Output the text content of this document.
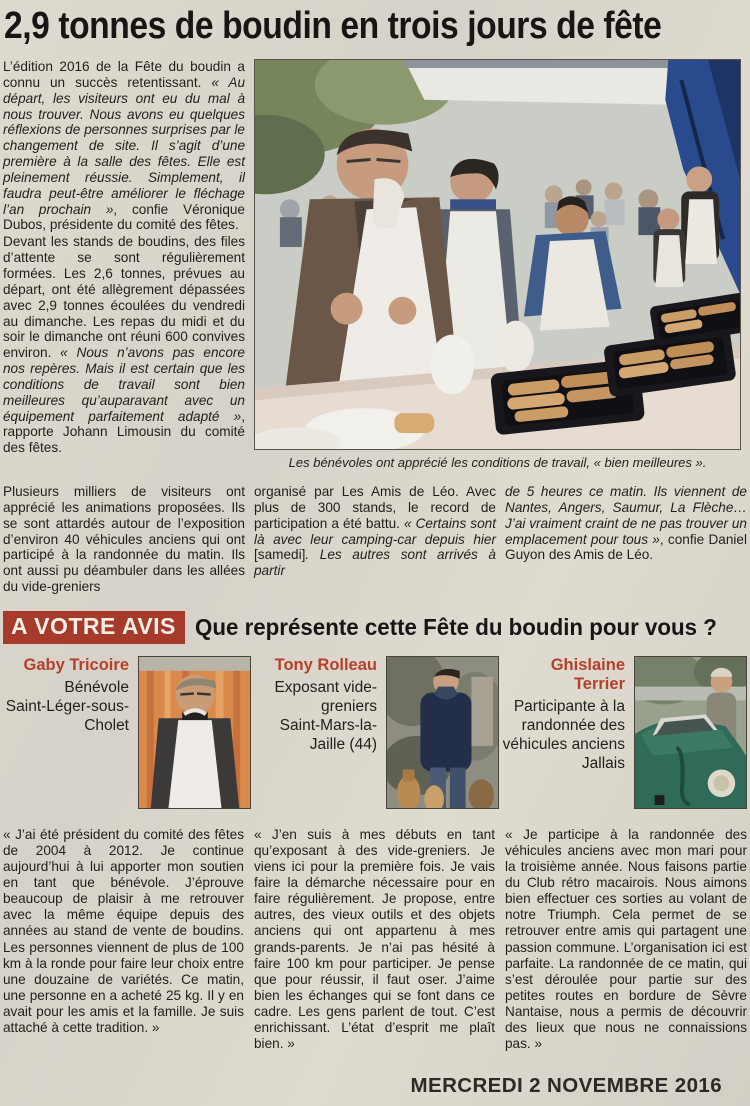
2,9 tonnes de boudin en trois jours de fête

L’édition 2016 de la Fête du boudin a connu un succès retentissant. « Au départ, les visiteurs ont eu du mal à nous trouver. Nous avons eu quelques réflexions de personnes surprises par le changement de site. Il s’agit d’une première à la salle des fêtes. Elle est pleinement réussie. Simplement, il faudra peut-être améliorer le fléchage l’an prochain », confie Véronique Dubos, présidente du comité des fêtes.

Devant les stands de boudins, des files d’attente se sont régulièrement formées. Les 2,6 tonnes, prévues au départ, ont été allègrement dépassées avec 2,9 tonnes écoulées du vendredi au dimanche. Les repas du midi et du soir le dimanche ont réuni 600 convives environ. « Nous n’avons pas encore nos repères. Mais il est certain que les conditions de travail sont bien meilleures qu’auparavant avec un équipement parfaitement adapté », rapporte Johann Limousin du comité des fêtes.

Les bénévoles ont apprécié les conditions de travail, « bien meilleures ».

Plusieurs milliers de visiteurs ont apprécié les animations proposées. Ils se sont attardés autour de l’exposition d’environ 40 véhicules anciens qui ont participé à la randonnée du matin. Ils ont aussi pu déambuler dans les allées du vide-greniers

organisé par Les Amis de Léo. Avec plus de 300 stands, le record de participation a été battu. « Certains sont là avec leur camping-car depuis hier [samedi]. Les autres sont arrivés à partir

de 5 heures ce matin. Ils viennent de Nantes, Angers, Saumur, La Flèche… J’ai vraiment craint de ne pas trouver un emplacement pour tous », confie Daniel Guyon des Amis de Léo.

A VOTRE AVIS Que représente cette Fête du boudin pour vous ?
Gaby Tricoire
Bénévole
Saint-Léger-sous-Cholet
Tony Rolleau
Exposant vide-greniers
Saint-Mars-la-Jaille (44)
Ghislaine Terrier
Participante à la randonnée des véhicules anciens
Jallais
« J’ai été président du comité des fêtes de 2004 à 2012. Je continue aujourd’hui à lui apporter mon soutien en tant que bénévole. J’éprouve beaucoup de plaisir à me retrouver avec la même équipe depuis des années au stand de vente de boudins. Les personnes viennent de plus de 100 km à la ronde pour faire leur choix entre une douzaine de variétés. Ce matin, une personne en a acheté 25 kg. Il y en avait pour les amis et la famille. Je suis attaché à cette tradition. »
« J’en suis à mes débuts en tant qu’exposant à des vide-greniers. Je viens ici pour la première fois. Je vais faire la démarche nécessaire pour en faire régulièrement. Je propose, entre autres, des vieux outils et des objets anciens qui ont appartenu à mes grands-parents. Je n’ai pas hésité à faire 100 km pour participer. Je pense que pour réussir, il faut oser. J’aime bien les échanges qui se font dans ce cadre. Les gens parlent de tout. C’est enrichissant. L’état d’esprit me plaît bien. »
« Je participe à la randonnée des véhicules anciens avec mon mari pour la troisième année. Nous faisons partie du Club rétro macairois. Nous aimons bien effectuer ces sorties au volant de notre Triumph. Cela permet de se retrouver entre amis qui partagent une passion commune. L’organisation ici est parfaite. La randonnée de ce matin, qui s’est déroulée pour partie sur des petites routes en bordure de Sèvre Nantaise, nous a permis de découvrir des lieux que nous ne connaissions pas. »
MERCREDI 2 NOVEMBRE 2016
